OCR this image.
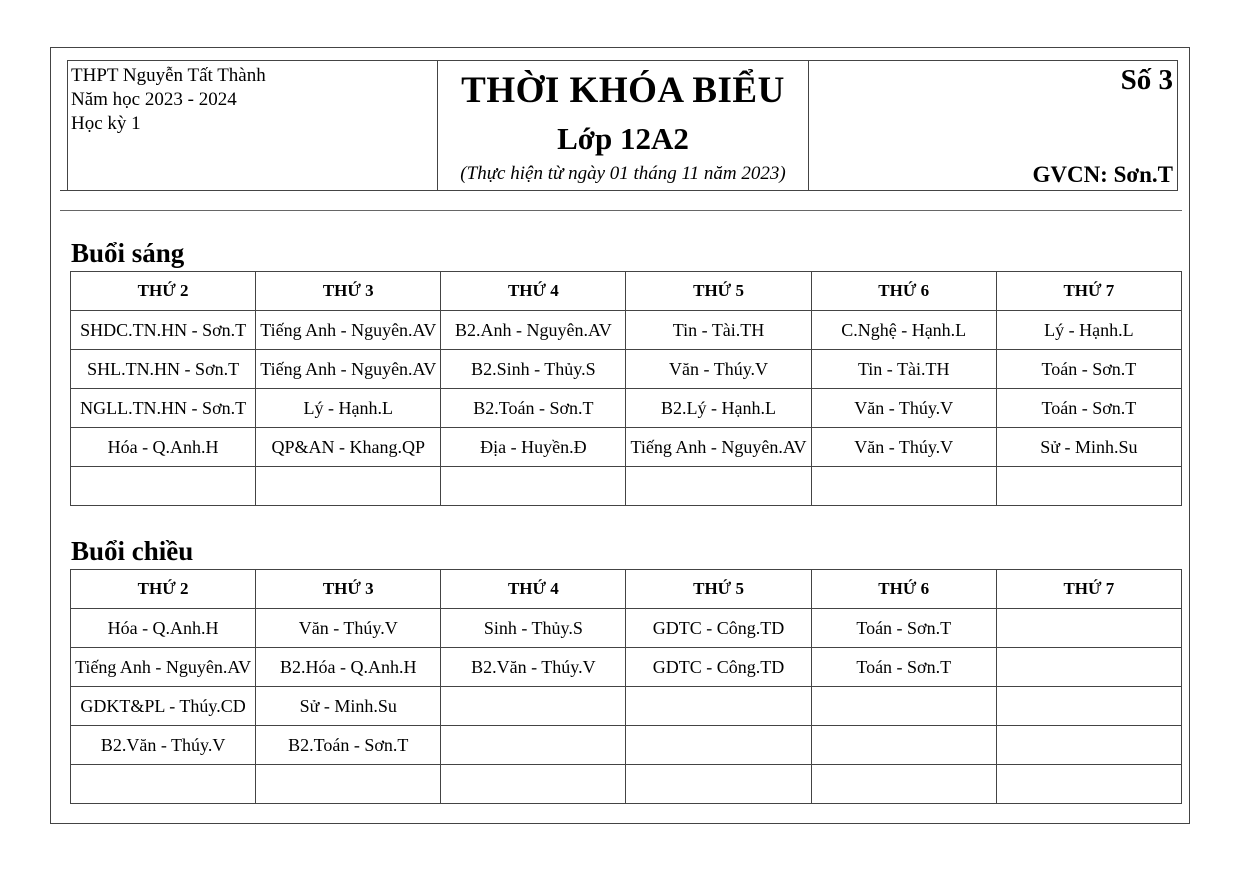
THPT Nguyễn Tất Thành
Năm học 2023 - 2024
Học kỳ 1
THỜI KHÓA BIỂU
Lớp 12A2
(Thực hiện từ ngày 01 tháng 11 năm 2023)
Số 3
GVCN: Sơn.T
Buổi sáng
THỨ 2	THỨ 3	THỨ 4	THỨ 5	THỨ 6	THỨ 7

SHDC.TN.HN - Sơn.T	Tiếng Anh - Nguyên.AV	B2.Anh - Nguyên.AV	Tin - Tài.TH	C.Nghệ - Hạnh.L	Lý - Hạnh.L

SHL.TN.HN - Sơn.T	Tiếng Anh - Nguyên.AV	B2.Sinh - Thủy.S	Văn - Thúy.V	Tin - Tài.TH	Toán - Sơn.T

NGLL.TN.HN - Sơn.T	Lý - Hạnh.L	B2.Toán - Sơn.T	B2.Lý - Hạnh.L	Văn - Thúy.V	Toán - Sơn.T

Hóa - Q.Anh.H	QP&AN - Khang.QP	Địa - Huyền.Đ	Tiếng Anh - Nguyên.AV	Văn - Thúy.V	Sử - Minh.Su

Buổi chiều
THỨ 2	THỨ 3	THỨ 4	THỨ 5	THỨ 6	THỨ 7

Hóa - Q.Anh.H	Văn - Thúy.V	Sinh - Thủy.S	GDTC - Công.TD	Toán - Sơn.T	

Tiếng Anh - Nguyên.AV	B2.Hóa - Q.Anh.H	B2.Văn - Thúy.V	GDTC - Công.TD	Toán - Sơn.T	

GDKT&PL - Thúy.CD	Sử - Minh.Su				

B2.Văn - Thúy.V	B2.Toán - Sơn.T				
